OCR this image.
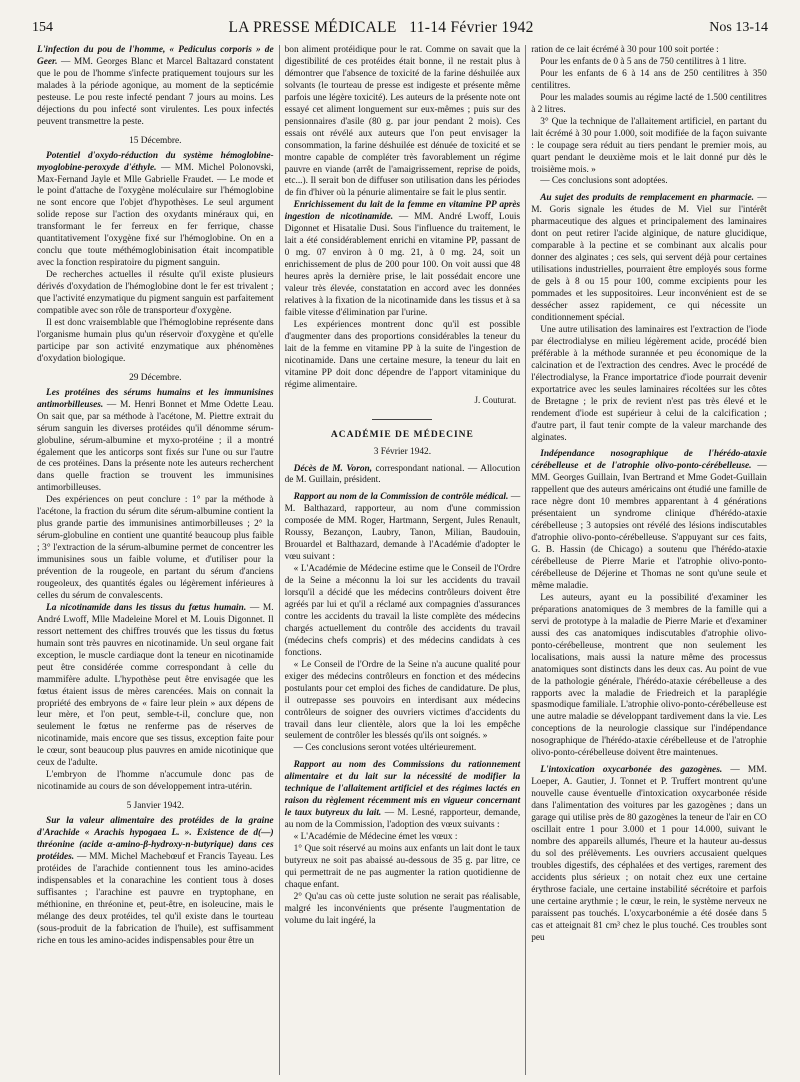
154	LA PRESSE MÉDICALE 11-14 Février 1942	Nos 13-14

L'infection du pou de l'homme, « Pediculus corporis » de Geer. — MM. Georges Blanc et Marcel Baltazard constatent que le pou de l'homme s'infecte pratiquement toujours sur les malades à la période agonique, au moment de la septicémie pesteuse. Le pou reste infecté pendant 7 jours au moins. Les déjections du pou infecté sont virulentes. Les poux infectés peuvent transmettre la peste.

15 Décembre.

Potentiel d'oxydo-réduction du système hémoglobine-myoglobine-peroxyde d'éthyle. — MM. Michel Polonovski, Max-Fernand Jayle et Mlle Gabrielle Fraudet. — Le mode et le point d'attache de l'oxygène moléculaire sur l'hémoglobine ne sont encore que l'objet d'hypothèses. Le seul argument solide repose sur l'action des oxydants minéraux qui, en transformant le fer ferreux en fer ferrique, chasse quantitativement l'oxygène fixé sur l'hémoglobine. On en a conclu que toute méthémoglobinisation était incompatible avec la fonction respiratoire du pigment sanguin.

De recherches actuelles il résulte qu'il existe plusieurs dérivés d'oxydation de l'hémoglobine dont le fer est trivalent ; que l'activité enzymatique du pigment sanguin est parfaitement compatible avec son rôle de transporteur d'oxygène.

Il est donc vraisemblable que l'hémoglobine représente dans l'organisme humain plus qu'un réservoir d'oxygène et qu'elle participe par son activité enzymatique aux phénomènes d'oxydation biologique.

29 Décembre.

Les protéines des sérums humains et les immunisines antimorbilleuses. — M. Henri Bonnet et Mme Odette Leau. On sait que, par sa méthode à l'acétone, M. Piettre extrait du sérum sanguin les diverses protéides qu'il dénomme sérum-globuline, sérum-albumine et myxo-protéine ; il a montré également que les anticorps sont fixés sur l'une ou sur l'autre de ces protéines. Dans la présente note les auteurs recherchent dans quelle fraction se trouvent les immunisines antimorbilleuses.

Des expériences on peut conclure : 1° par la méthode à l'acétone, la fraction du sérum dite sérum-albumine contient la plus grande partie des immunisines antimorbilleuses ; 2° la sérum-globuline en contient une quantité beaucoup plus faible ; 3° l'extraction de la sérum-albumine permet de concentrer les immunisines sous un faible volume, et d'utiliser pour la prévention de la rougeole, en partant du sérum d'anciens rougeoleux, des quantités égales ou légèrement inférieures à celles du sérum de convalescents.

La nicotinamide dans les tissus du fœtus humain. — M. André Lwoff, Mlle Madeleine Morel et M. Louis Digonnet. Il ressort nettement des chiffres trouvés que les tissus du fœtus humain sont très pauvres en nicotinamide. Un seul organe fait exception, le muscle cardiaque dont la teneur en nicotinamide peut être considérée comme correspondant à celle du mammifère adulte. L'hypothèse peut être envisagée que les fœtus étaient issus de mères carencées. Mais on connait la propriété des embryons de « faire leur plein » aux dépens de leur mère, et l'on peut, semble-t-il, conclure que, non seulement le fœtus ne renferme pas de réserves de nicotinamide, mais encore que ses tissus, exception faite pour le cœur, sont beaucoup plus pauvres en amide nicotinique que ceux de l'adulte.

L'embryon de l'homme n'accumule donc pas de nicotinamide au cours de son développement intra-utérin.

5 Janvier 1942.

Sur la valeur alimentaire des protéides de la graine d'Arachide « Arachis hypogaea L. ». Existence de d(—) thréonine (acide α-amino-β-hydroxy-n-butyrique) dans ces protéides. — MM. Michel Machebœuf et Francis Tayeau. Les protéides de l'arachide contiennent tous les amino-acides indispensables et la conarachine les contient tous à doses suffisantes ; l'arachine est pauvre en tryptophane, en méthionine, en thréonine et, peut-être, en isoleucine, mais le mélange des deux protéides, tel qu'il existe dans le tourteau (sous-produit de la fabrication de l'huile), est suffisamment riche en tous les amino-acides indispensables pour être un

bon aliment protéidique pour le rat. Comme on savait que la digestibilité de ces protéides était bonne, il ne restait plus à démontrer que l'absence de toxicité de la farine déshuilée aux solvants (le tourteau de presse est indigeste et présente même parfois une légère toxicité). Les auteurs de la présente note ont essayé cet aliment longuement sur eux-mêmes ; puis sur des pensionnaires d'asile (80 g. par jour pendant 2 mois). Ces essais ont révélé aux auteurs que l'on peut envisager la consommation, la farine déshuilée est dénuée de toxicité et se montre capable de compléter très favorablement un régime pauvre en viande (arrêt de l'amaigrissement, reprise de poids, etc...). Il serait bon de diffuser son utilisation dans les périodes de fin d'hiver où la pénurie alimentaire se fait le plus sentir.

Enrichissement du lait de la femme en vitamine PP après ingestion de nicotinamide. — MM. André Lwoff, Louis Digonnet et Hisatalie Dusi. Sous l'influence du traitement, le lait a été considérablement enrichi en vitamine PP, passant de 0 mg. 07 environ à 0 mg. 21, à 0 mg. 24, soit un enrichissement de plus de 200 pour 100. On voit aussi que 48 heures après la dernière prise, le lait possédait encore une valeur très élevée, constatation en accord avec les données relatives à la fixation de la nicotinamide dans les tissus et à sa faible vitesse d'élimination par l'urine.

Les expériences montrent donc qu'il est possible d'augmenter dans des proportions considérables la teneur du lait de la femme en vitamine PP à la suite de l'ingestion de nicotinamide. Dans une certaine mesure, la teneur du lait en vitamine PP doit donc dépendre de l'apport vitaminique du régime alimentaire.

J. Couturat.

ACADÉMIE DE MÉDECINE

3 Février 1942.

Décès de M. Voron, correspondant national. — Allocution de M. Guillain, président.

Rapport au nom de la Commission de contrôle médical. — M. Balthazard, rapporteur, au nom d'une commission composée de MM. Roger, Hartmann, Sergent, Jules Renault, Roussy, Bezançon, Laubry, Tanon, Milian, Baudouin, Brouardel et Balthazard, demande à l'Académie d'adopter le vœu suivant :

« L'Académie de Médecine estime que le Conseil de l'Ordre de la Seine a méconnu la loi sur les accidents du travail lorsqu'il a décidé que les médecins contrôleurs doivent être agréés par lui et qu'il a réclamé aux compagnies d'assurances contre les accidents du travail la liste complète des médecins chargés actuellement du contrôle des accidents du travail (médecins chefs compris) et des médecins candidats à ces fonctions.

« Le Conseil de l'Ordre de la Seine n'a aucune qualité pour exiger des médecins contrôleurs en fonction et des médecins postulants pour cet emploi des fiches de candidature. De plus, il outrepasse ses pouvoirs en interdisant aux médecins contrôleurs de soigner des ouvriers victimes d'accidents du travail dans leur clientèle, alors que la loi les empêche seulement de contrôler les blessés qu'ils ont soignés. »

— Ces conclusions seront votées ultérieurement.

Rapport au nom des Commissions du rationnement alimentaire et du lait sur la nécessité de modifier la technique de l'allaitement artificiel et des régimes lactés en raison du règlement récemment mis en vigueur concernant le taux butyreux du lait. — M. Lesné, rapporteur, demande, au nom de la Commission, l'adoption des vœux suivants :

« L'Académie de Médecine émet les vœux :

1° Que soit réservé au moins aux enfants un lait dont le taux butyreux ne soit pas abaissé au-dessous de 35 g. par litre, ce qui permettrait de ne pas augmenter la ration quotidienne de chaque enfant.

2° Qu'au cas où cette juste solution ne serait pas réalisable, malgré les inconvénients que présente l'augmentation de volume du lait ingéré, la

ration de ce lait écrémé à 30 pour 100 soit portée :

Pour les enfants de 0 à 5 ans de 750 centilitres à 1 litre.

Pour les enfants de 6 à 14 ans de 250 centilitres à 350 centilitres.

Pour les malades soumis au régime lacté de 1.500 centilitres à 2 litres.

3° Que la technique de l'allaitement artificiel, en partant du lait écrémé à 30 pour 1.000, soit modifiée de la façon suivante : le coupage sera réduit au tiers pendant le premier mois, au quart pendant le deuxième mois et le lait donné pur dès le troisième mois. »

— Ces conclusions sont adoptées.

Au sujet des produits de remplacement en pharmacie. — M. Goris signale les études de M. Viel sur l'intérêt pharmaceutique des algues et principalement des laminaires dont on peut retirer l'acide alginique, de nature glucidique, comparable à la pectine et se combinant aux alcalis pour donner des alginates ; ces sels, qui servent déjà pour certaines utilisations industrielles, pourraient être employés sous forme de gels à 8 ou 15 pour 100, comme excipients pour les pommades et les suppositoires. Leur inconvénient est de se dessécher assez rapidement, ce qui nécessite un conditionnement spécial.

Une autre utilisation des laminaires est l'extraction de l'iode par électrodialyse en milieu légèrement acide, procédé bien préférable à la méthode surannée et peu économique de la calcination et de l'extraction des cendres. Avec le procédé de l'électrodialyse, la France importatrice d'iode pourrait devenir exportatrice avec les seules laminaires récoltées sur les côtes de Bretagne ; le prix de revient n'est pas très élevé et le rendement d'iode est supérieur à celui de la calcification ; d'autre part, il faut tenir compte de la valeur marchande des alginates.

Indépendance nosographique de l'hérédo-ataxie cérébelleuse et de l'atrophie olivo-ponto-cérébelleuse. — MM. Georges Guillain, Ivan Bertrand et Mme Godet-Guillain rappellent que des auteurs américains ont étudié une famille de race nègre dont 10 membres apparentant à 4 générations présentaient un syndrome clinique d'hérédo-ataxie cérébelleuse ; 3 autopsies ont révélé des lésions indiscutables d'atrophie olivo-ponto-cérébelleuse. S'appuyant sur ces faits, G. B. Hassin (de Chicago) a soutenu que l'hérédo-ataxie cérébelleuse de Pierre Marie et l'atrophie olivo-ponto-cérébelleuse de Déjerine et Thomas ne sont qu'une seule et même maladie.

Les auteurs, ayant eu la possibilité d'examiner les préparations anatomiques de 3 membres de la famille qui a servi de prototype à la maladie de Pierre Marie et d'examiner aussi des cas anatomiques indiscutables d'atrophie olivo-ponto-cérébelleuse, montrent que non seulement les localisations, mais aussi la nature même des processus anatomiques sont distincts dans les deux cas. Au point de vue de la pathologie générale, l'hérédo-ataxie cérébelleuse a des rapports avec la maladie de Friedreich et la paraplégie spasmodique familiale. L'atrophie olivo-ponto-cérébelleuse est une autre maladie se développant tardivement dans la vie. Les conceptions de la neurologie classique sur l'indépendance nosographique de l'hérédo-ataxie cérébelleuse et de l'atrophie olivo-ponto-cérébelleuse doivent être maintenues.

L'intoxication oxycarbonée des gazogènes. — MM. Loeper, A. Gautier, J. Tonnet et P. Truffert montrent qu'une nouvelle cause éventuelle d'intoxication oxycarbonée réside dans l'alimentation des voitures par les gazogènes ; dans un garage qui utilise près de 80 gazogènes la teneur de l'air en CO oscillait entre 1 pour 3.000 et 1 pour 14.000, suivant le nombre des appareils allumés, l'heure et la hauteur au-dessus du sol des prélèvements. Les ouvriers accusaient quelques troubles digestifs, des céphalées et des vertiges, rarement des accidents plus sérieux ; on notait chez eux une certaine érythrose faciale, une certaine instabilité sécrétoire et parfois une certaine arythmie ; le cœur, le rein, le système nerveux ne paraissent pas touchés. L'oxycarbonémie a été dosée dans 5 cas et atteignait 81 cm³ chez le plus touché. Ces troubles sont peu
